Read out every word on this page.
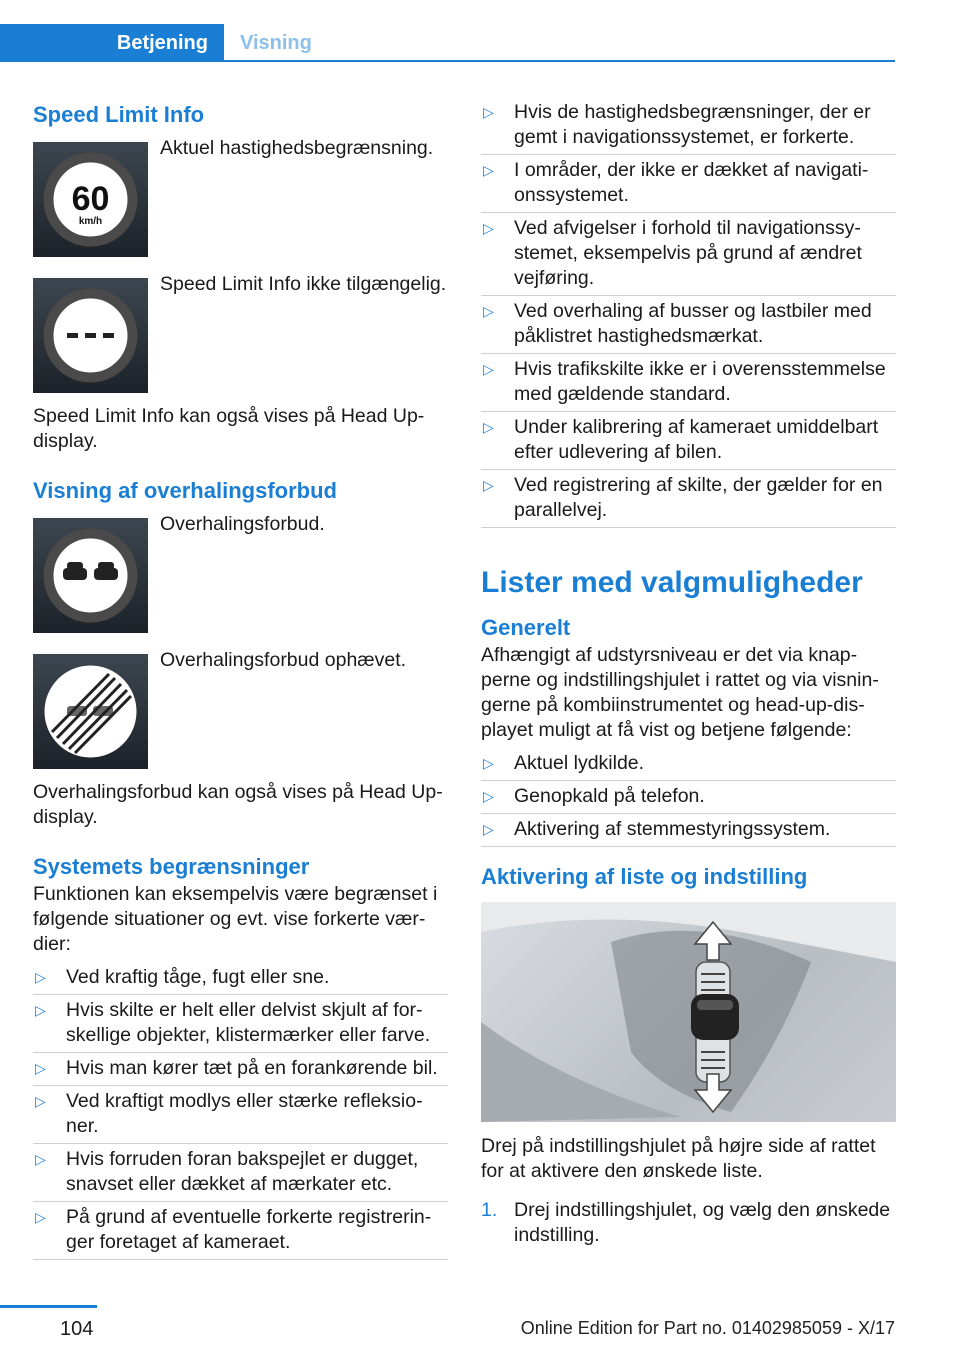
Betjening	Visning
Speed Limit Info
60
km/h
Aktuel hastighedsbegrænsning.
Speed Limit Info ikke tilgængelig.

Speed Limit Info kan også vises på Head Up-display.

Visning af overhalingsforbud
Overhalingsforbud.
Overhalingsforbud ophævet.

Overhalingsforbud kan også vises på Head Up-display.

Systemets begrænsninger

Funktionen kan eksempelvis være begrænset i følgende situationer og evt. vise forkerte værdier:

▷ Ved kraftig tåge, fugt eller sne.
▷ Hvis skilte er helt eller delvist skjult af forskellige objekter, klistermærker eller farve.
▷ Hvis man kører tæt på en forankørende bil.
▷ Ved kraftigt modlys eller stærke refleksioner.
▷ Hvis forruden foran bakspejlet er dugget, snavset eller dækket af mærkater etc.
▷ På grund af eventuelle forkerte registreringer foretaget af kameraet.
▷ Hvis de hastighedsbegrænsninger, der er gemt i navigationssystemet, er forkerte.
▷ I områder, der ikke er dækket af navigationssystemet.
▷ Ved afvigelser i forhold til navigationssystemet, eksempelvis på grund af ændret vejføring.
▷ Ved overhaling af busser og lastbiler med påklistret hastighedsmærkat.
▷ Hvis trafikskilte ikke er i overensstemmelse med gældende standard.
▷ Under kalibrering af kameraet umiddelbart efter udlevering af bilen.
▷ Ved registrering af skilte, der gælder for en parallelvej.
Lister med valgmuligheder
Generelt

Afhængigt af udstyrsniveau er det via knapperne og indstillingshjulet i rattet og via visningerne på kombiinstrumentet og head-up-displayet muligt at få vist og betjene følgende:

▷ Aktuel lydkilde.
▷ Genopkald på telefon.
▷ Aktivering af stemmestyringssystem.
Aktivering af liste og indstilling

Drej på indstillingshjulet på højre side af rattet for at aktivere den ønskede liste.

1. Drej indstillingshjulet, og vælg den ønskede indstilling.
104	Online Edition for Part no. 01402985059 - X/17
